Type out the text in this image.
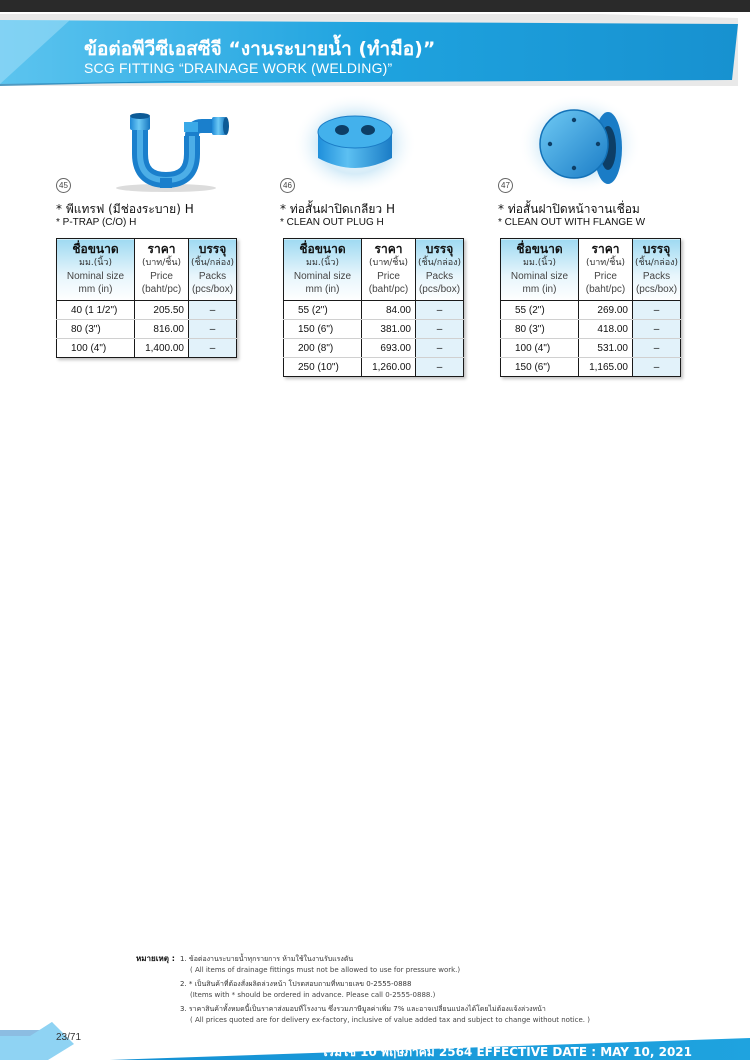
ข้อต่อพีวีซีเอสซีจี “งานระบายน้ำ (ทำมือ)”
SCG FITTING “DRAINAGE WORK (WELDING)”
45
* พีแทรฟ (มีช่องระบาย) H
* P-TRAP (C/O) H
ชื่อขนาด
มม.(นิ้ว)
Nominal size
mm (in)	ราคา
(บาท/ชิ้น)
Price
(baht/pc)	บรรจุ
(ชิ้น/กล่อง)
Packs
(pcs/box)

40 (1 1/2")	205.50	–
80 (3")	816.00	–
100 (4")	1,400.00	–
46
* ท่อสั้นฝาปิดเกลียว H
* CLEAN OUT PLUG H
ชื่อขนาด
มม.(นิ้ว)
Nominal size
mm (in)	ราคา
(บาท/ชิ้น)
Price
(baht/pc)	บรรจุ
(ชิ้น/กล่อง)
Packs
(pcs/box)

55 (2")	84.00	–
150 (6")	381.00	–
200 (8")	693.00	–
250 (10")	1,260.00	–
47
* ท่อสั้นฝาปิดหน้าจานเชื่อม
* CLEAN OUT WITH FLANGE W
ชื่อขนาด
มม.(นิ้ว)
Nominal size
mm (in)	ราคา
(บาท/ชิ้น)
Price
(baht/pc)	บรรจุ
(ชิ้น/กล่อง)
Packs
(pcs/box)

55 (2")	269.00	–
80 (3")	418.00	–
100 (4")	531.00	–
150 (6")	1,165.00	–
หมายเหตุ : 1. ข้อต่องานระบายน้ำทุกรายการ ห้ามใช้ในงานรับแรงดัน
( All items of drainage fittings must not be allowed to use for pressure work.)
2. * เป็นสินค้าที่ต้องสั่งผลิตล่วงหน้า โปรดสอบถามที่หมายเลข 0-2555-0888
(Items with * should be ordered in advance. Please call 0-2555-0888.)
3. ราคาสินค้าทั้งหมดนี้เป็นราคาส่งมอบที่โรงงาน ซึ่งรวมภาษีมูลค่าเพิ่ม 7% และอาจเปลี่ยนแปลงได้โดยไม่ต้องแจ้งล่วงหน้า
( All prices quoted are for delivery ex-factory, inclusive of value added tax and subject to change without notice. )
23/71
เริ่มใช้ 10 พฤษภาคม 2564 EFFECTIVE DATE : MAY 10, 2021
